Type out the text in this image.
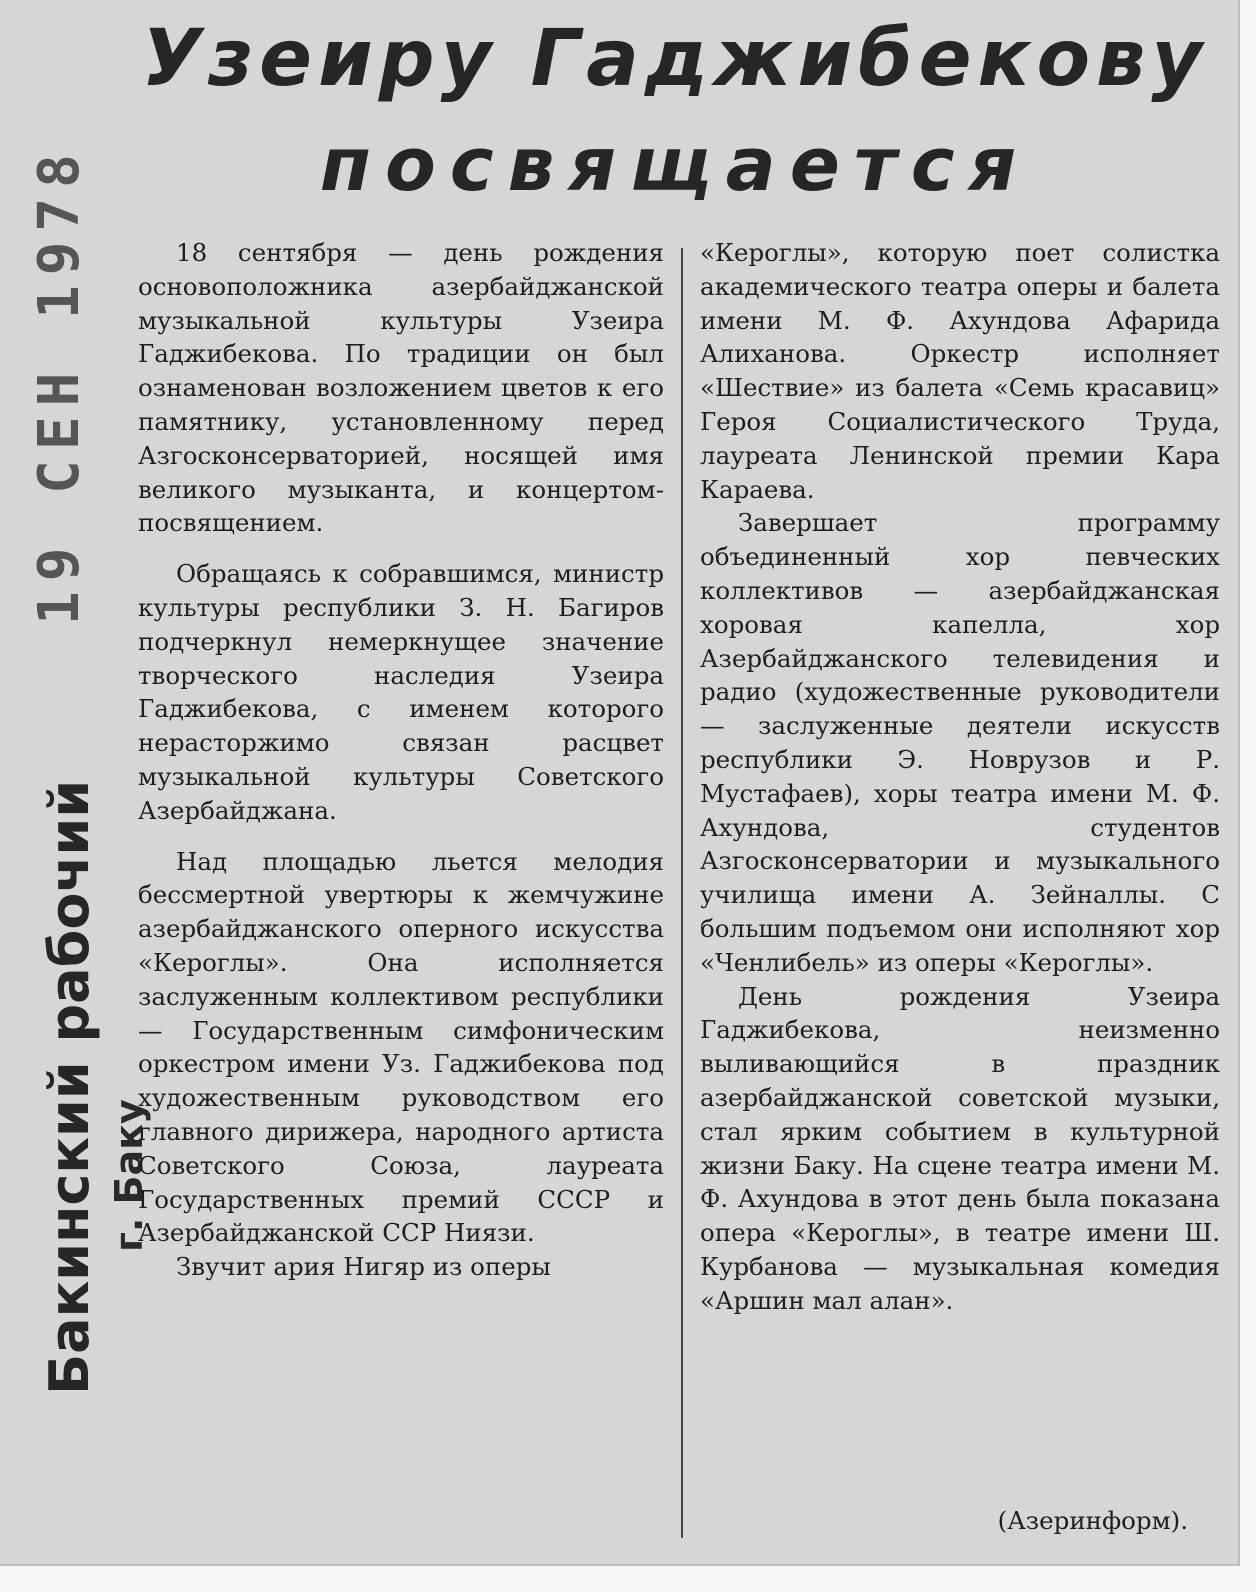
Узеиру Гаджибекову
посвящается
19 СЕН 1978
Бакинский рабочий г. Баку

18 сентября — день рождения основоположника азербайджанской музыкальной культуры Узеира Гаджибекова. По традиции он был ознаменован возложением цветов к его памятнику, установленному перед Азгосконсерваторией, носящей имя великого музыканта, и концертом-посвящением.

Обращаясь к собравшимся, министр культуры республики З. Н. Багиров подчеркнул немеркнущее значение творческого наследия Узеира Гаджибекова, с именем которого нерасторжимо связан расцвет музыкальной культуры Советского Азербайджана.

Над площадью льется мелодия бессмертной увертюры к жемчужине азербайджанского оперного искусства «Кероглы». Она исполняется заслуженным коллективом республики — Государственным симфоническим оркестром имени Уз. Гаджибекова под художественным руководством его главного дирижера, народного артиста Советского Союза, лауреата Государственных премий СССР и Азербайджанской ССР Ниязи.

Звучит ария Нигяр из оперы

«Кероглы», которую поет солистка академического театра оперы и балета имени М. Ф. Ахундова Афарида Алиханова. Оркестр исполняет «Шествие» из балета «Семь красавиц» Героя Социалистического Труда, лауреата Ленинской премии Кара Караева.

Завершает программу объединенный хор певческих коллективов — азербайджанская хоровая капелла, хор Азербайджанского телевидения и радио (художественные руководители — заслуженные деятели искусств республики Э. Новрузов и Р. Мустафаев), хоры театра имени М. Ф. Ахундова, студентов Азгосконсерватории и музыкального училища имени А. Зейналлы. С большим подъемом они исполняют хор «Ченлибель» из оперы «Кероглы».

День рождения Узеира Гаджибекова, неизменно выливающийся в праздник азербайджанской советской музыки, стал ярким событием в культурной жизни Баку. На сцене театра имени М. Ф. Ахундова в этот день была показана опера «Кероглы», в театре имени Ш. Курбанова — музыкальная комедия «Аршин мал алан».

(Азеринформ).
